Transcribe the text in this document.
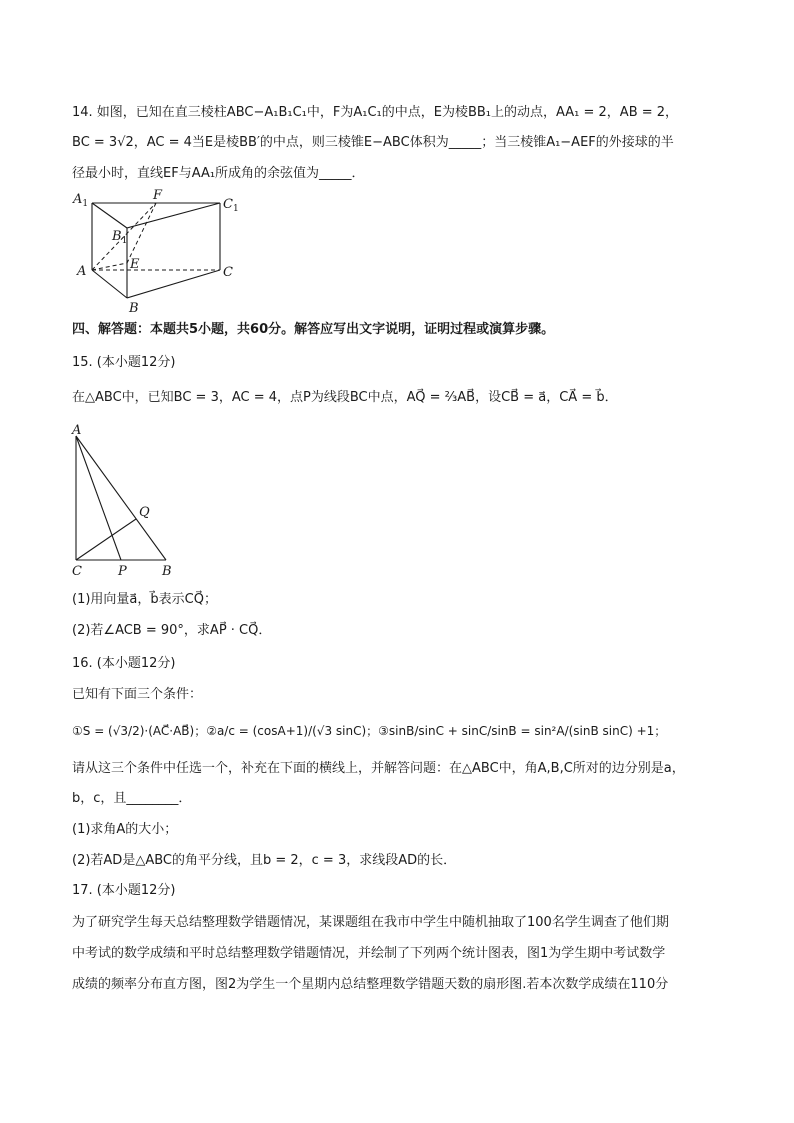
14. 如图，已知在直三棱柱ABC−A₁B₁C₁中，F为A₁C₁的中点，E为棱BB₁上的动点，AA₁ = 2，AB = 2，
BC = 3√2，AC = 4当E是棱BB′的中点，则三棱锥E−ABC体积为_____；当三棱锥A₁−AEF的外接球的半
径最小时，直线EF与AA₁所成角的余弦值为_____．
$A_1$
F
$C_1$
$B_1$
E
A	C
B
四、解答题：本题共5小题，共60分。解答应写出文字说明，证明过程或演算步骤。
15. (本小题12分)
在△ABC中，已知BC = 3，AC = 4，点P为线段BC中点，AQ⃗ = ⅔AB⃗，设CB⃗ = a⃗，CA⃗ = b⃗．
A
Q
C	P	B
(1)用向量a⃗，b⃗表示CQ⃗；
(2)若∠ACB = 90°，求AP⃗ · CQ⃗．
16. (本小题12分)
已知有下面三个条件：
①S = (√3/2)·(AC⃗·AB⃗)；②a/c = (cosA+1)/(√3 sinC)；③sinB/sinC + sinC/sinB = sin²A/(sinB sinC) +1；
请从这三个条件中任选一个，补充在下面的横线上，并解答问题：在△ABC中，角A,B,C所对的边分别是a，
b，c，且________．
(1)求角A的大小；
(2)若AD是△ABC的角平分线，且b = 2，c = 3，求线段AD的长．
17. (本小题12分)
为了研究学生每天总结整理数学错题情况，某课题组在我市中学生中随机抽取了100名学生调查了他们期
中考试的数学成绩和平时总结整理数学错题情况，并绘制了下列两个统计图表，图1为学生期中考试数学
成绩的频率分布直方图，图2为学生一个星期内总结整理数学错题天数的扇形图.若本次数学成绩在110分
